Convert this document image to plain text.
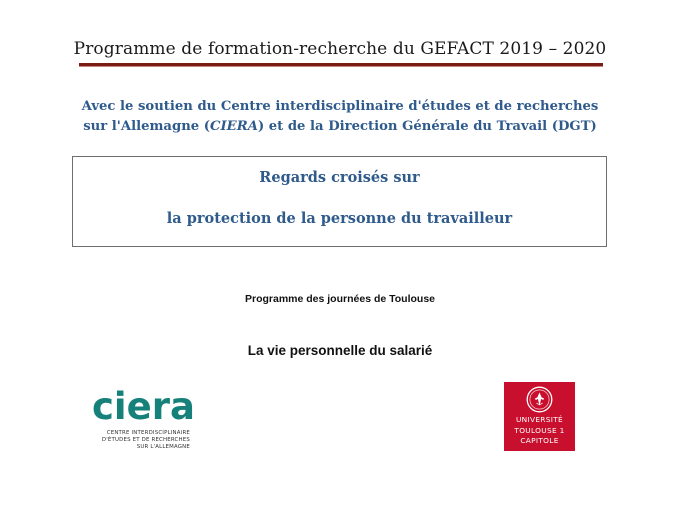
Programme de formation-recherche du GEFACT 2019 – 2020
Avec le soutien du Centre interdisciplinaire d'études et de recherches
sur l'Allemagne (CIERA) et de la Direction Générale du Travail (DGT)
Regards croisés sur
la protection de la personne du travailleur
Programme des journées de Toulouse
La vie personnelle du salarié
ciera
CENTRE INTERDISCIPLINAIRE
D'ÉTUDES ET DE RECHERCHES
SUR L'ALLEMAGNE
UNIVERSITÉ
TOULOUSE 1
CAPITOLE
